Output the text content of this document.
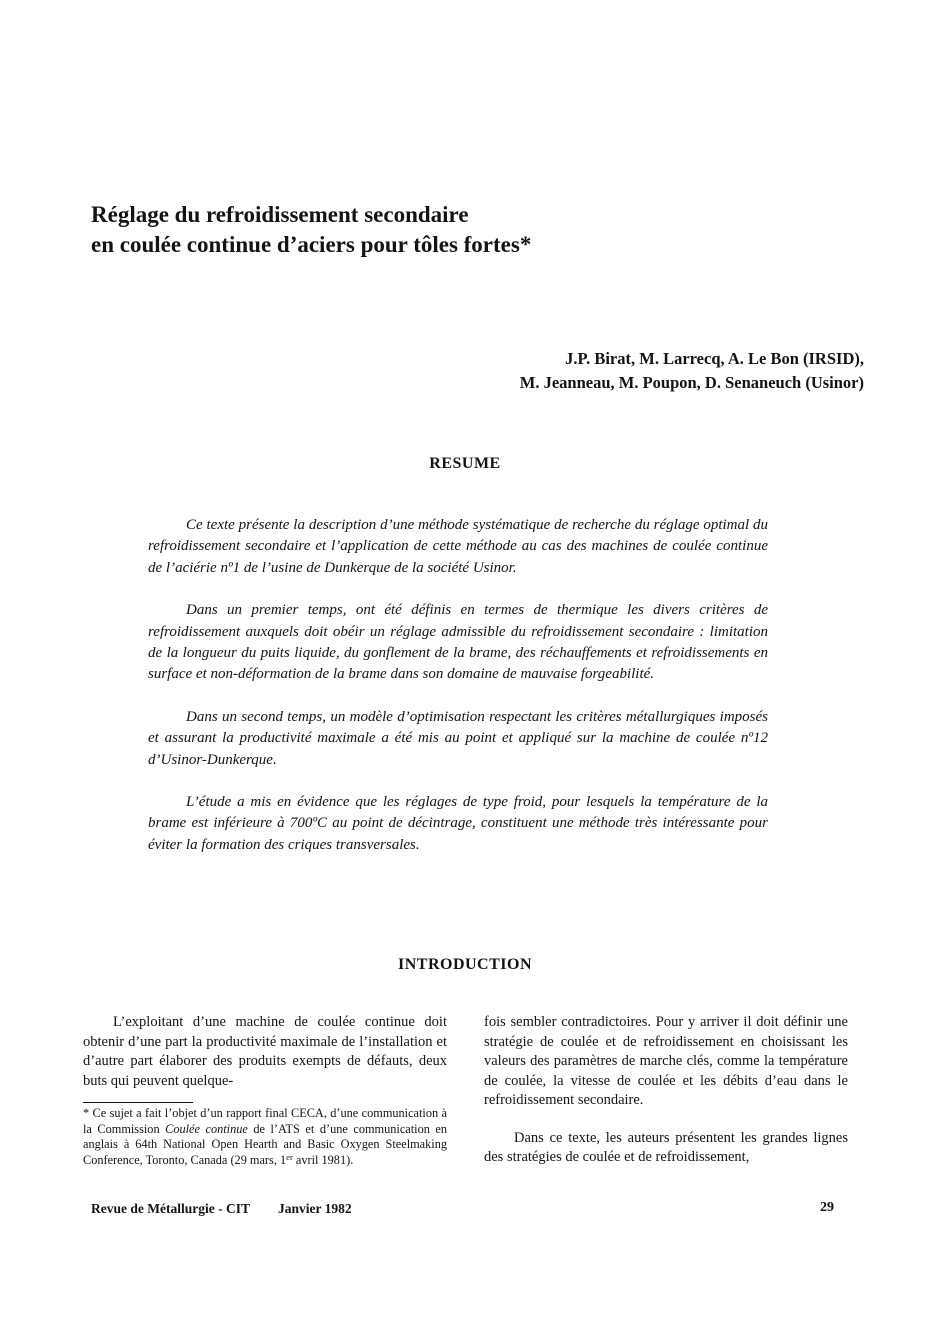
Réglage du refroidissement secondaire
en coulée continue d’aciers pour tôles fortes*
J.P. Birat, M. Larrecq, A. Le Bon (IRSID),
M. Jeanneau, M. Poupon, D. Senaneuch (Usinor)
RESUME

Ce texte présente la description d’une méthode systématique de recherche du réglage optimal du refroidissement secondaire et l’application de cette méthode au cas des machines de coulée continue de l’aciérie nº1 de l’usine de Dunkerque de la société Usinor.

Dans un premier temps, ont été définis en termes de thermique les divers critères de refroidissement auxquels doit obéir un réglage admissible du refroidissement secondaire : limitation de la longueur du puits liquide, du gonflement de la brame, des réchauffements et refroidissements en surface et non-déformation de la brame dans son domaine de mauvaise forgeabilité.

Dans un second temps, un modèle d’optimisation respectant les critères métallurgiques imposés et assurant la productivité maximale a été mis au point et appliqué sur la machine de coulée nº12 d’Usinor-Dunkerque.

L’étude a mis en évidence que les réglages de type froid, pour lesquels la température de la brame est inférieure à 700ºC au point de décintrage, constituent une méthode très intéressante pour éviter la formation des criques transversales.

INTRODUCTION

L’exploitant d’une machine de coulée continue doit obtenir d’une part la productivité maximale de l’installation et d’autre part élaborer des produits exempts de défauts, deux buts qui peuvent quelque-

* Ce sujet a fait l’objet d’un rapport final CECA, d’une communication à la Commission Coulée continue de l’ATS et d’une communication en anglais à 64th National Open Hearth and Basic Oxygen Steelmaking Conference, Toronto, Canada (29 mars, 1er avril 1981).

fois sembler contradictoires. Pour y arriver il doit définir une stratégie de coulée et de refroidissement en choisissant les valeurs des paramètres de marche clés, comme la température de coulée, la vitesse de coulée et les débits d’eau dans le refroidissement secondaire.

Dans ce texte, les auteurs présentent les grandes lignes des stratégies de coulée et de refroidissement,

Revue de Métallurgie - CIT Janvier 1982	29
